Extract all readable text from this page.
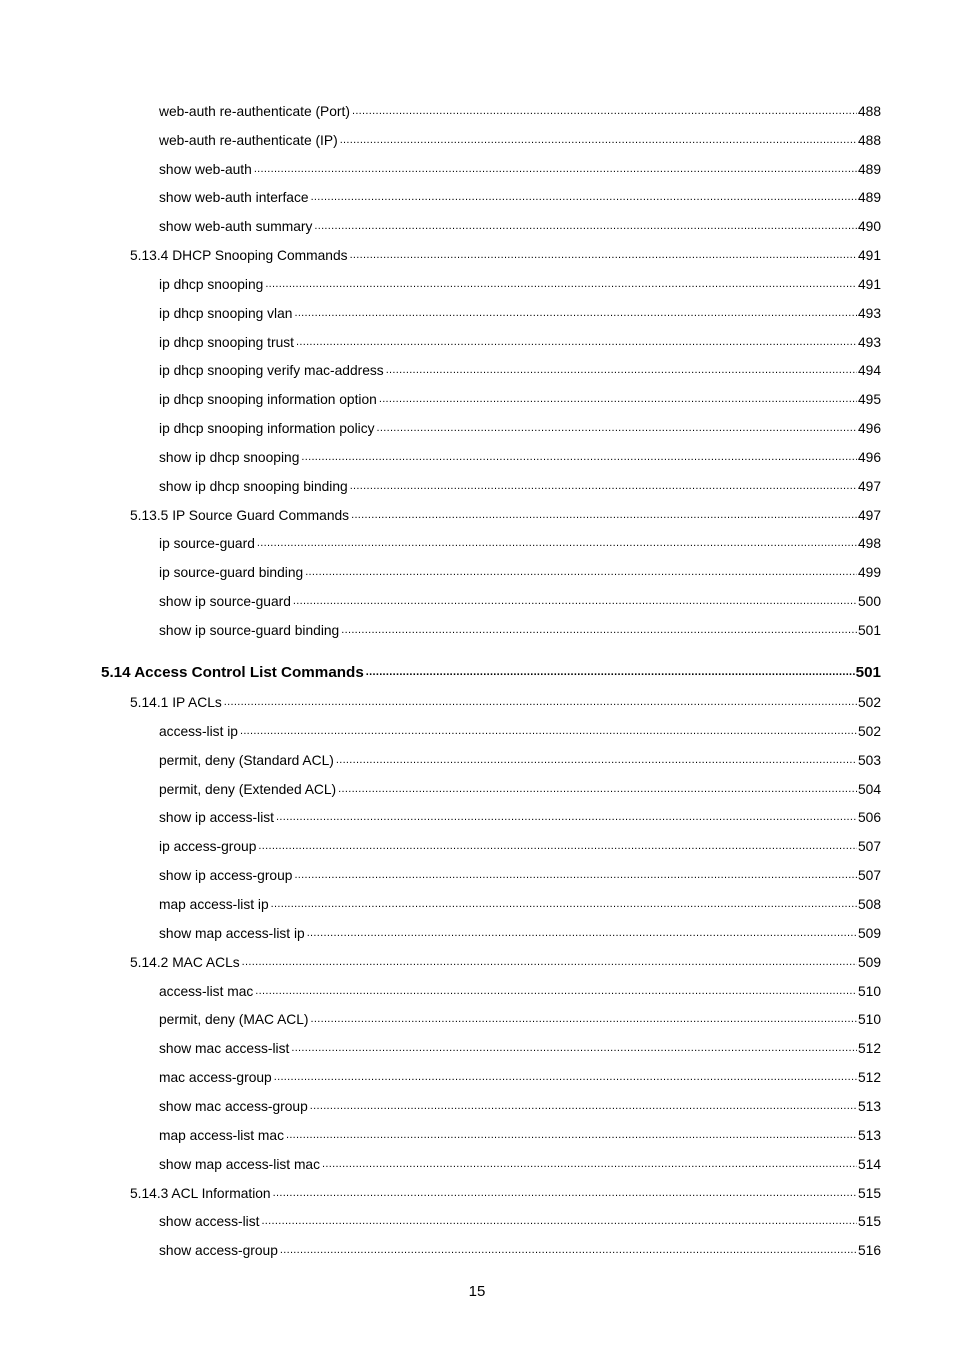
web-auth re-authenticate (Port) .....	488
web-auth re-authenticate (IP) .....	488
show web-auth .....	489
show web-auth interface .....	489
show web-auth summary .....	490
5.13.4 DHCP Snooping Commands .....	491
ip dhcp snooping .....	491
ip dhcp snooping vlan .....	493
ip dhcp snooping trust .....	493
ip dhcp snooping verify mac-address .....	494
ip dhcp snooping information option .....	495
ip dhcp snooping information policy .....	496
show ip dhcp snooping .....	496
show ip dhcp snooping binding .....	497
5.13.5 IP Source Guard Commands .....	497
ip source-guard .....	498
ip source-guard binding .....	499
show ip source-guard .....	500
show ip source-guard binding .....	501
5.14 Access Control List Commands .....	501
5.14.1 IP ACLs .....	502
access-list ip .....	502
permit, deny (Standard ACL) .....	503
permit, deny (Extended ACL) .....	504
show ip access-list .....	506
ip access-group .....	507
show ip access-group .....	507
map access-list ip .....	508
show map access-list ip .....	509
5.14.2 MAC ACLs .....	509
access-list mac .....	510
permit, deny (MAC ACL) .....	510
show mac access-list .....	512
mac access-group .....	512
show mac access-group .....	513
map access-list mac .....	513
show map access-list mac .....	514
5.14.3 ACL Information .....	515
show access-list .....	515
show access-group .....	516
15
